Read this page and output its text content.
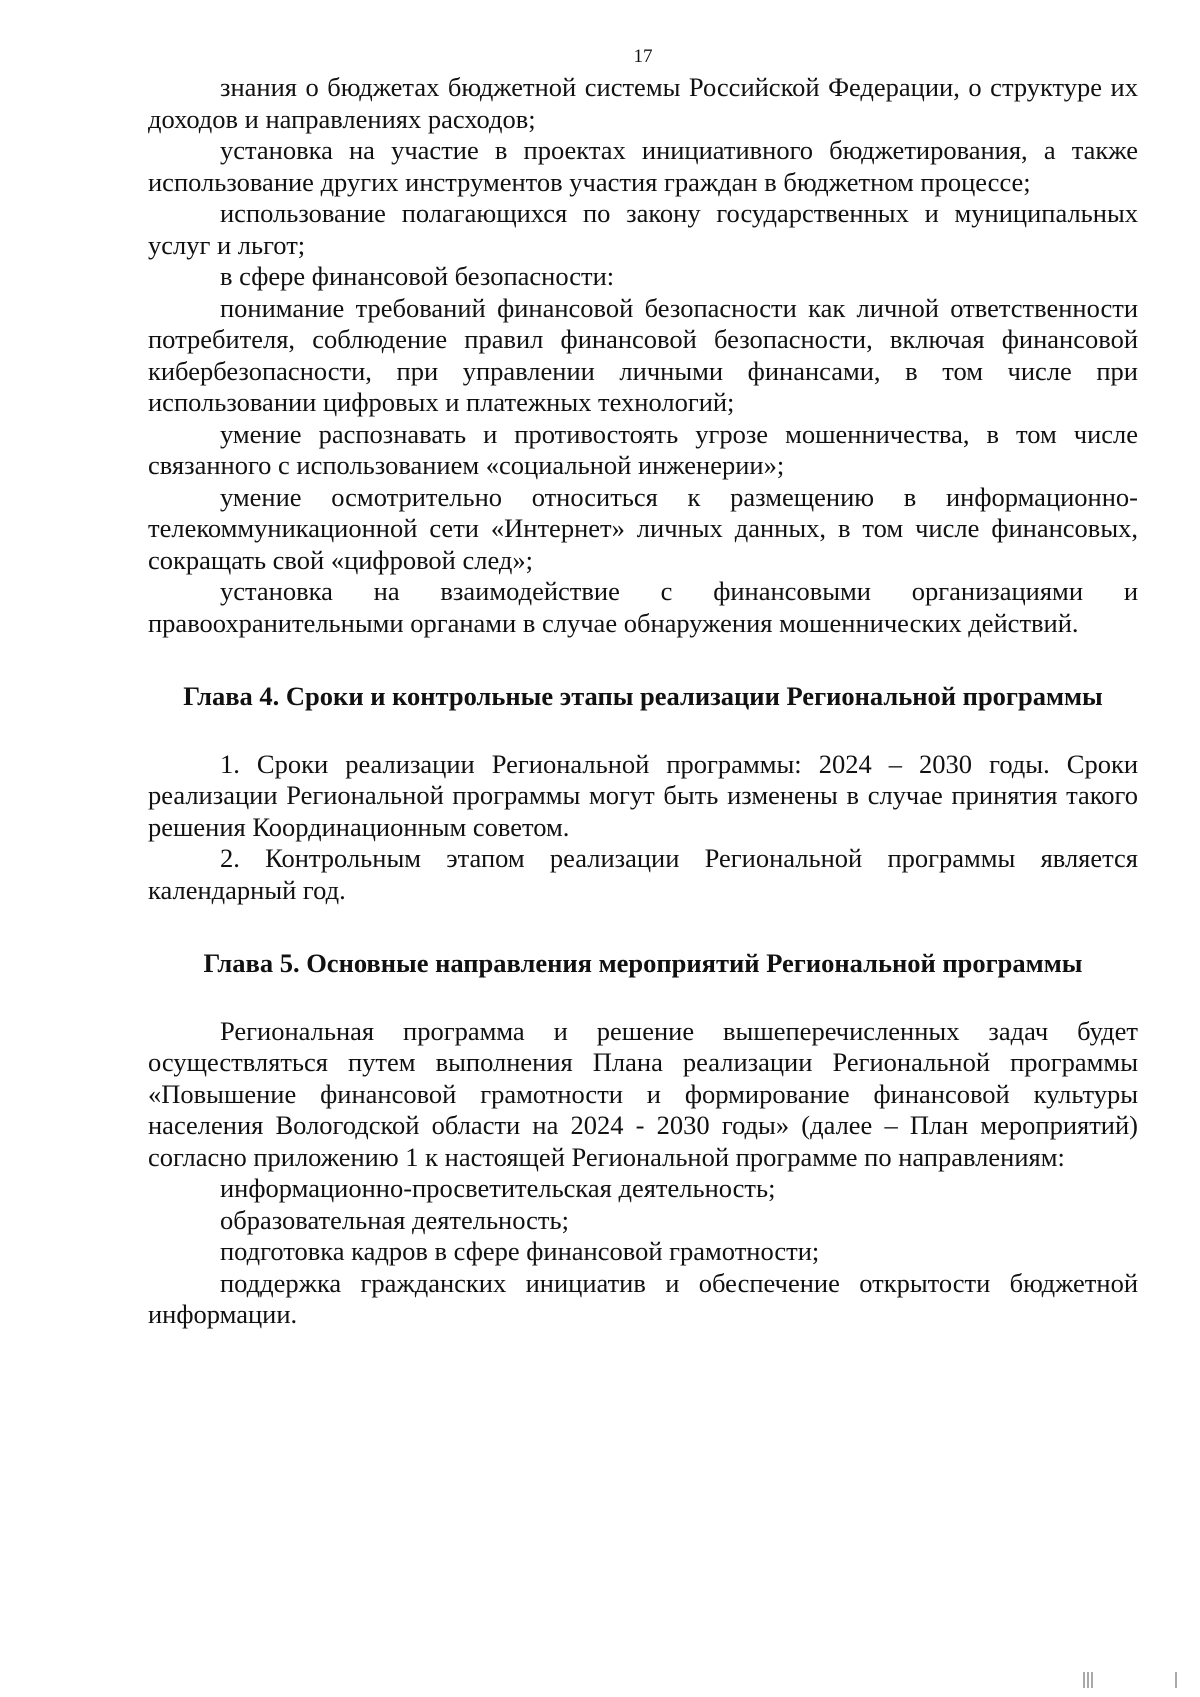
17

знания о бюджетах бюджетной системы Российской Федерации, о структуре их доходов и направлениях расходов;

установка на участие в проектах инициативного бюджетирования, а также использование других инструментов участия граждан в бюджетном процессе;

использование полагающихся по закону государственных и муниципальных услуг и льгот;

в сфере финансовой безопасности:

понимание требований финансовой безопасности как личной ответственности потребителя, соблюдение правил финансовой безопасности, включая финансовой кибербезопасности, при управлении личными финансами, в том числе при использовании цифровых и платежных технологий;

умение распознавать и противостоять угрозе мошенничества, в том числе связанного с использованием «социальной инженерии»;

умение осмотрительно относиться к размещению в информационно-телекоммуникационной сети «Интернет» личных данных, в том числе финансовых, сокращать свой «цифровой след»;

установка на взаимодействие с финансовыми организациями и правоохранительными органами в случае обнаружения мошеннических действий.

Глава 4. Сроки и контрольные этапы реализации Региональной программы

1. Сроки реализации Региональной программы: 2024 – 2030 годы. Сроки реализации Региональной программы могут быть изменены в случае принятия такого решения Координационным советом.

2. Контрольным этапом реализации Региональной программы является календарный год.

Глава 5. Основные направления мероприятий Региональной программы

Региональная программа и решение вышеперечисленных задач будет осуществляться путем выполнения Плана реализации Региональной программы «Повышение финансовой грамотности и формирование финансовой культуры населения Вологодской области на 2024 - 2030 годы» (далее – План мероприятий) согласно приложению 1 к настоящей Региональной программе по направлениям:

информационно-просветительская деятельность;

образовательная деятельность;

подготовка кадров в сфере финансовой грамотности;

поддержка гражданских инициатив и обеспечение открытости бюджетной информации.
